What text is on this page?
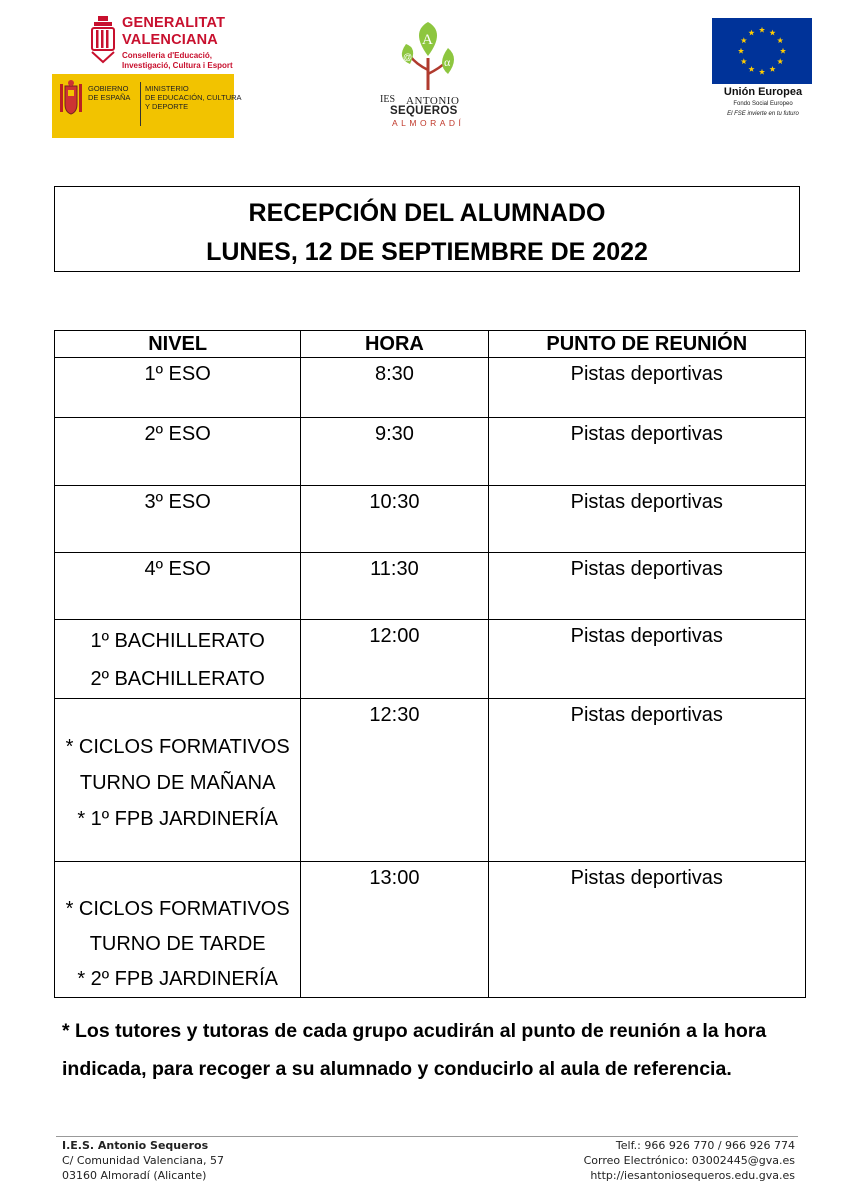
GENERALITAT
VALENCIANA
Conselleria d'Educació,
Investigació, Cultura i Esport
GOBIERNO
DE ESPAÑA
MINISTERIO
DE EDUCACIÓN, CULTURA
Y DEPORTE
A
@	α
IES ANTONIO
SEQUEROS
ALMORADÍ
Unión Europea
Fondo Social Europeo
El FSE invierte en tu futuro
RECEPCIÓN DEL ALUMNADO
LUNES, 12 DE SEPTIEMBRE DE 2022
NIVEL	HORA	PUNTO DE REUNIÓN
1º ESO	8:30	Pistas deportivas
2º ESO	9:30	Pistas deportivas
3º ESO	10:30	Pistas deportivas
4º ESO	11:30	Pistas deportivas

1º BACHILLERATO
2º BACHILLERATO	12:00	Pistas deportivas

* CICLOS FORMATIVOS
TURNO DE MAÑANA
* 1º FPB JARDINERÍA	12:30	Pistas deportivas

* CICLOS FORMATIVOS
TURNO DE TARDE
* 2º FPB JARDINERÍA	13:00	Pistas deportivas
* Los tutores y tutoras de cada grupo acudirán al punto de reunión a la hora indicada, para recoger a su alumnado y conducirlo al aula de referencia.
I.E.S. Antonio Sequeros
C/ Comunidad Valenciana, 57
03160 Almoradí (Alicante)
Telf.: 966 926 770 / 966 926 774
Correo Electrónico: 03002445@gva.es
http://iesantoniosequeros.edu.gva.es
